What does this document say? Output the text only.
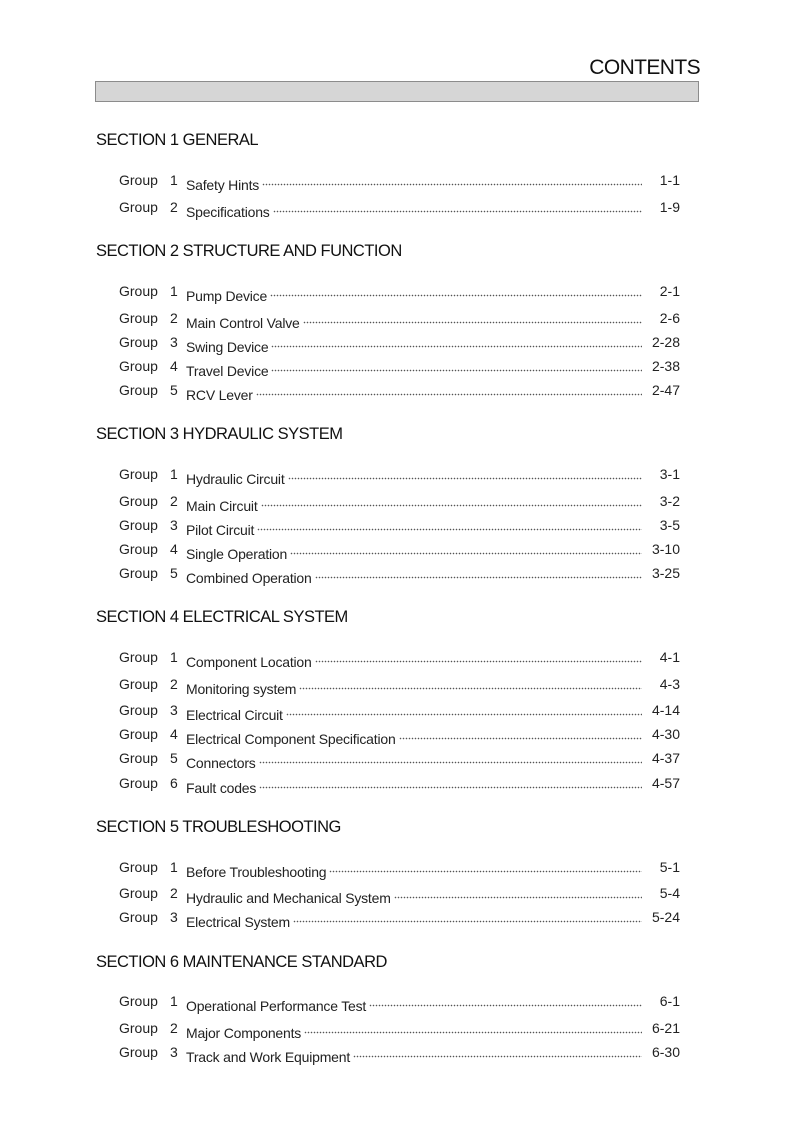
CONTENTS
SECTION 1 GENERAL
Group 1 Safety Hints	1-1
Group 2 Specifications	1-9
SECTION 2 STRUCTURE AND FUNCTION
Group 1 Pump Device	2-1
Group 2 Main Control Valve	2-6
Group 3 Swing Device	2-28
Group 4 Travel Device	2-38
Group 5 RCV Lever	2-47
SECTION 3 HYDRAULIC SYSTEM
Group 1 Hydraulic Circuit	3-1
Group 2 Main Circuit	3-2
Group 3 Pilot Circuit	3-5
Group 4 Single Operation	3-10
Group 5 Combined Operation	3-25
SECTION 4 ELECTRICAL SYSTEM
Group 1 Component Location	4-1
Group 2 Monitoring system	4-3
Group 3 Electrical Circuit	4-14
Group 4 Electrical Component Specification	4-30
Group 5 Connectors	4-37
Group 6 Fault codes	4-57
SECTION 5 TROUBLESHOOTING
Group 1 Before Troubleshooting	5-1
Group 2 Hydraulic and Mechanical System	5-4
Group 3 Electrical System	5-24
SECTION 6 MAINTENANCE STANDARD
Group 1 Operational Performance Test	6-1
Group 2 Major Components	6-21
Group 3 Track and Work Equipment	6-30
